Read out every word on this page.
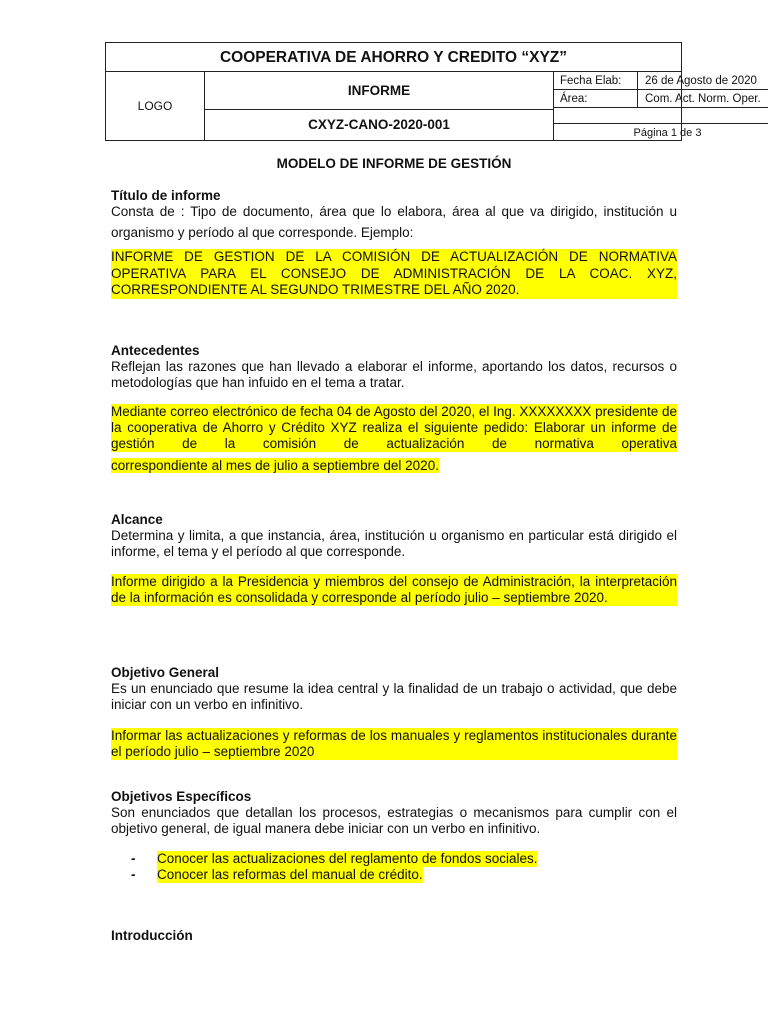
COOPERATIVA DE AHORRO Y CREDITO “XYZ”
LOGO
INFORME
CXYZ-CANO-2020-001
Fecha Elab:	26 de Agosto de 2020
Área:	Com. Act. Norm. Oper.
Página 1 de 3
MODELO DE INFORME DE GESTIÓN
Título de informe
Consta de : Tipo de documento, área que lo elabora, área al que va dirigido, institución u organismo y período al que corresponde. Ejemplo:
INFORME DE GESTION DE LA COMISIÓN DE ACTUALIZACIÓN DE NORMATIVA OPERATIVA PARA EL CONSEJO DE ADMINISTRACIÓN DE LA COAC. XYZ, CORRESPONDIENTE AL SEGUNDO TRIMESTRE DEL AÑO 2020.
Antecedentes
Reflejan las razones que han llevado a elaborar el informe, aportando los datos, recursos o metodologías que han infuido en el tema a tratar.
Mediante correo electrónico de fecha 04 de Agosto del 2020, el Ing. XXXXXXXX presidente de la cooperativa de Ahorro y Crédito XYZ realiza el siguiente pedido: Elaborar un informe de gestión de la comisión de actualización de normativa operativa
correspondiente al mes de julio a septiembre del 2020.
Alcance
Determina y limita, a que instancia, área, institución u organismo en particular está dirigido el informe, el tema y el período al que corresponde.
Informe dirigido a la Presidencia y miembros del consejo de Administración, la interpretación de la información es consolidada y corresponde al período julio – septiembre 2020.
Objetivo General
Es un enunciado que resume la idea central y la finalidad de un trabajo o actividad, que debe iniciar con un verbo en infinitivo.
Informar las actualizaciones y reformas de los manuales y reglamentos institucionales durante el período julio – septiembre 2020
Objetivos Específicos
Son enunciados que detallan los procesos, estrategias o mecanismos para cumplir con el objetivo general, de igual manera debe iniciar con un verbo en infinitivo.
-	Conocer las actualizaciones del reglamento de fondos sociales.
-	Conocer las reformas del manual de crédito.
Introducción
